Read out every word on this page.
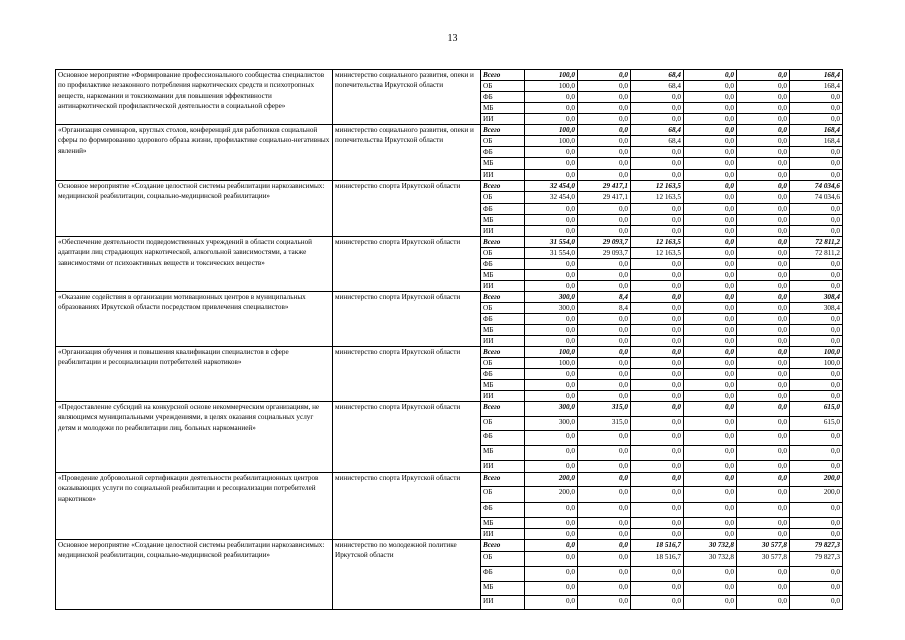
13
Основное мероприятие «Формирование профессионального сообщества специалистов по профилактике незаконного потребления наркотических средств и психотропных веществ, наркомании и токсикомании для повышения эффективности антинаркотической профилактической деятельности в социальной сфере»	министерство социального развития, опеки и попечительства Иркутской области	Всего	100,0	0,0	68,4	0,0	0,0	168,4
		ОБ	100,0	0,0	68,4	0,0	0,0	168,4
		ФБ	0,0	0,0	0,0	0,0	0,0	0,0
		МБ	0,0	0,0	0,0	0,0	0,0	0,0
		ИИ	0,0	0,0	0,0	0,0	0,0	0,0
«Организация семинаров, круглых столов, конференций для работников социальной сферы по формированию здорового образа жизни, профилактике социально-негативных явлений»	министерство социального развития, опеки и попечительства Иркутской области	Всего	100,0	0,0	68,4	0,0	0,0	168,4
		ОБ	100,0	0,0	68,4	0,0	0,0	168,4
		ФБ	0,0	0,0	0,0	0,0	0,0	0,0
		МБ	0,0	0,0	0,0	0,0	0,0	0,0
		ИИ	0,0	0,0	0,0	0,0	0,0	0,0
Основное мероприятие «Создание целостной системы реабилитации наркозависимых: медицинской реабилитации, социально-медицинской реабилитации»	министерство спорта Иркутской области	Всего	32 454,0	29 417,1	12 163,5	0,0	0,0	74 034,6
		ОБ	32 454,0	29 417,1	12 163,5	0,0	0,0	74 034,6
		ФБ	0,0	0,0	0,0	0,0	0,0	0,0
		МБ	0,0	0,0	0,0	0,0	0,0	0,0
		ИИ	0,0	0,0	0,0	0,0	0,0	0,0
«Обеспечение деятельности подведомственных учреждений в области социальной адаптации лиц страдающих наркотической, алкогольной зависимостями, а также зависимостями от психоактивных веществ и токсических веществ»	министерство спорта Иркутской области	Всего	31 554,0	29 093,7	12 163,5	0,0	0,0	72 811,2
		ОБ	31 554,0	29 093,7	12 163,5	0,0	0,0	72 811,2
		ФБ	0,0	0,0	0,0	0,0	0,0	0,0
		МБ	0,0	0,0	0,0	0,0	0,0	0,0
		ИИ	0,0	0,0	0,0	0,0	0,0	0,0
«Оказание содействия в организации мотивационных центров в муниципальных образованиях Иркутской области посредством привлечения специалистов»	министерство спорта Иркутской области	Всего	300,0	8,4	0,0	0,0	0,0	308,4
		ОБ	300,0	8,4	0,0	0,0	0,0	308,4
		ФБ	0,0	0,0	0,0	0,0	0,0	0,0
		МБ	0,0	0,0	0,0	0,0	0,0	0,0
		ИИ	0,0	0,0	0,0	0,0	0,0	0,0
«Организация обучения и повышения квалификации специалистов в сфере реабилитации и ресоциализации потребителей наркотиков»	министерство спорта Иркутской области	Всего	100,0	0,0	0,0	0,0	0,0	100,0
		ОБ	100,0	0,0	0,0	0,0	0,0	100,0
		ФБ	0,0	0,0	0,0	0,0	0,0	0,0
		МБ	0,0	0,0	0,0	0,0	0,0	0,0
		ИИ	0,0	0,0	0,0	0,0	0,0	0,0
«Предоставление субсидий на конкурсной основе некоммерческим организациям, не являющимся муниципальными учреждениями, в целях оказания социальных услуг детям и молодежи по реабилитации лиц, больных наркоманией»	министерство спорта Иркутской области	Всего	300,0	315,0	0,0	0,0	0,0	615,0
		ОБ	300,0	315,0	0,0	0,0	0,0	615,0
		ФБ	0,0	0,0	0,0	0,0	0,0	0,0
		МБ	0,0	0,0	0,0	0,0	0,0	0,0
		ИИ	0,0	0,0	0,0	0,0	0,0	0,0
«Проведение добровольной сертификации деятельности реабилитационных центров оказывающих услуги по социальной реабилитации и ресоциализации потребителей наркотиков»	министерство спорта Иркутской области	Всего	200,0	0,0	0,0	0,0	0,0	200,0
		ОБ	200,0	0,0	0,0	0,0	0,0	200,0
		ФБ	0,0	0,0	0,0	0,0	0,0	0,0
		МБ	0,0	0,0	0,0	0,0	0,0	0,0
		ИИ	0,0	0,0	0,0	0,0	0,0	0,0
Основное мероприятие «Создание целостной системы реабилитации наркозависимых: медицинской реабилитации, социально-медицинской реабилитации»	министерство по молодежной политике Иркутской области	Всего	0,0	0,0	18 516,7	30 732,8	30 577,8	79 827,3
		ОБ	0,0	0,0	18 516,7	30 732,8	30 577,8	79 827,3
		ФБ	0,0	0,0	0,0	0,0	0,0	0,0
		МБ	0,0	0,0	0,0	0,0	0,0	0,0
		ИИ	0,0	0,0	0,0	0,0	0,0	0,0
